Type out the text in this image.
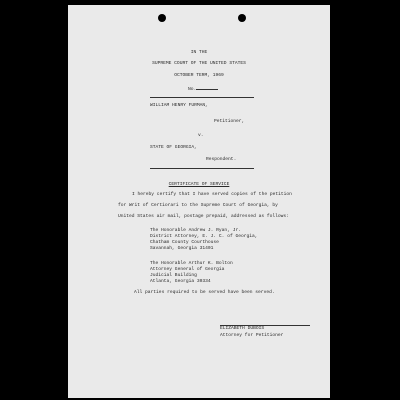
IN THE
SUPREME COURT OF THE UNITED STATES
OCTOBER TERM, 1969
No.
WILLIAM HENRY FURMAN,
Petitioner,
v.
STATE OF GEORGIA,
Respondent.
CERTIFICATE OF SERVICE
I hereby certify that I have served copies of the petition
for Writ of Certiorari to the Supreme Court of Georgia, by
United States air mail, postage prepaid, addressed as follows:
The Honorable Andrew J. Ryan, Jr.
District Attorney, E. J. C. of Georgia,
Chatham County Courthouse
Savannah, Georgia 31401
The Honorable Arthur K. Bolton
Attorney General of Georgia
Judicial Building
Atlanta, Georgia 30334
All parties required to be served have been served.
ELIZABETH DUBOIS
Attorney for Petitioner
